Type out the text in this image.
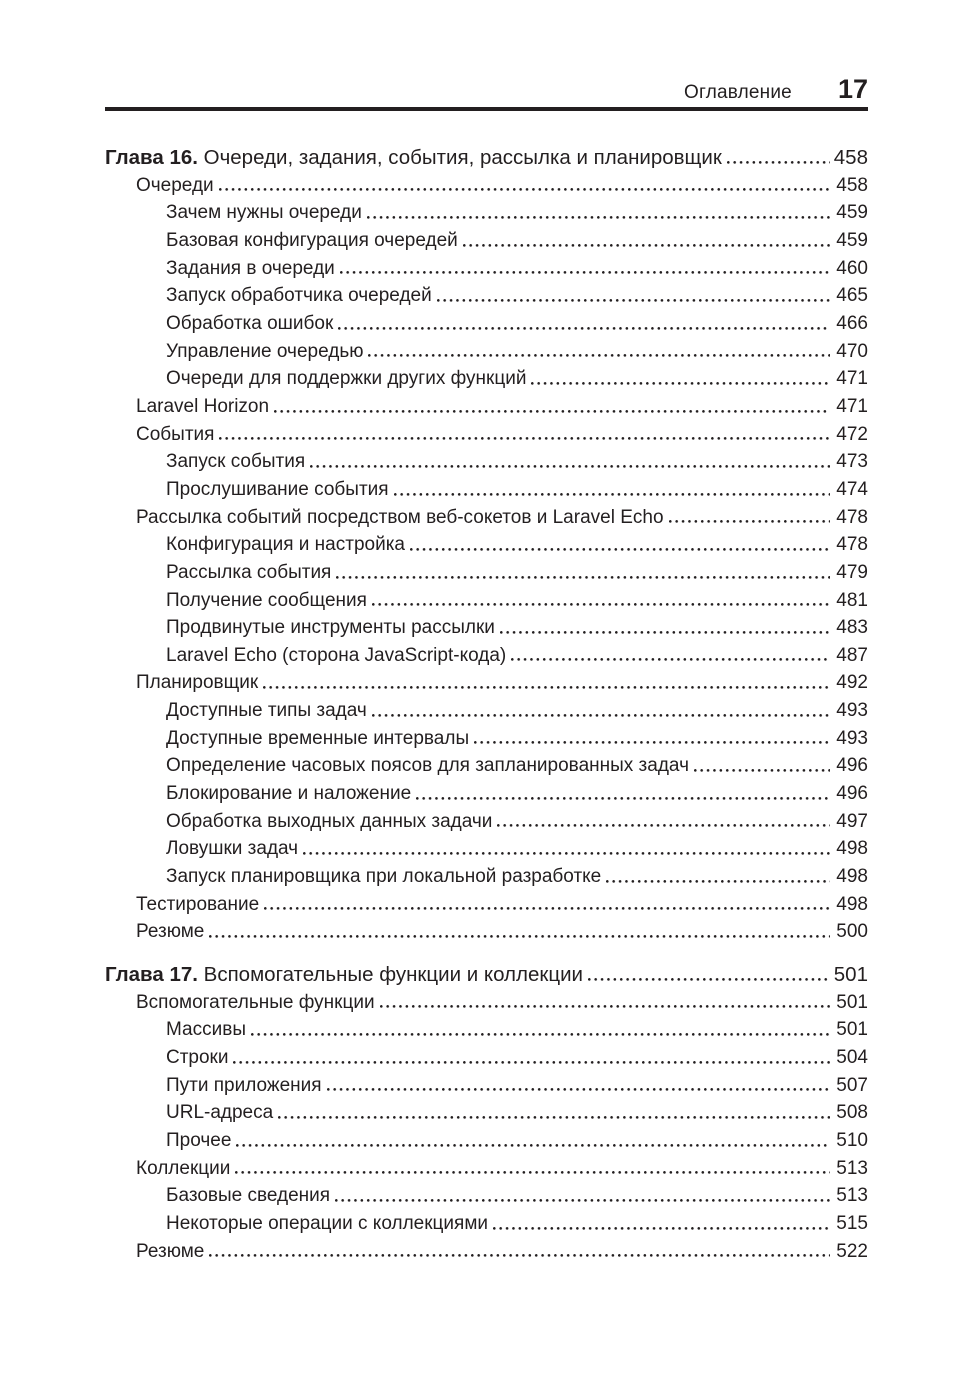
Оглавление 17
Глава 16. Очереди, задания, события, рассылка и планировщик	458
Очереди	458
Зачем нужны очереди	459
Базовая конфигурация очередей	459
Задания в очереди	460
Запуск обработчика очередей	465
Обработка ошибок	466
Управление очередью	470
Очереди для поддержки других функций	471
Laravel Horizon	471
События	472
Запуск события	473
Прослушивание события	474
Рассылка событий посредством веб-сокетов и Laravel Echo	478
Конфигурация и настройка	478
Рассылка события	479
Получение сообщения	481
Продвинутые инструменты рассылки	483
Laravel Echo (сторона JavaScript-кода)	487
Планировщик	492
Доступные типы задач	493
Доступные временные интервалы	493
Определение часовых поясов для запланированных задач	496
Блокирование и наложение	496
Обработка выходных данных задачи	497
Ловушки задач	498
Запуск планировщика при локальной разработке	498
Тестирование	498
Резюме	500
Глава 17. Вспомогательные функции и коллекции	501
Вспомогательные функции	501
Массивы	501
Строки	504
Пути приложения	507
URL-адреса	508
Прочее	510
Коллекции	513
Базовые сведения	513
Некоторые операции с коллекциями	515
Резюме	522
